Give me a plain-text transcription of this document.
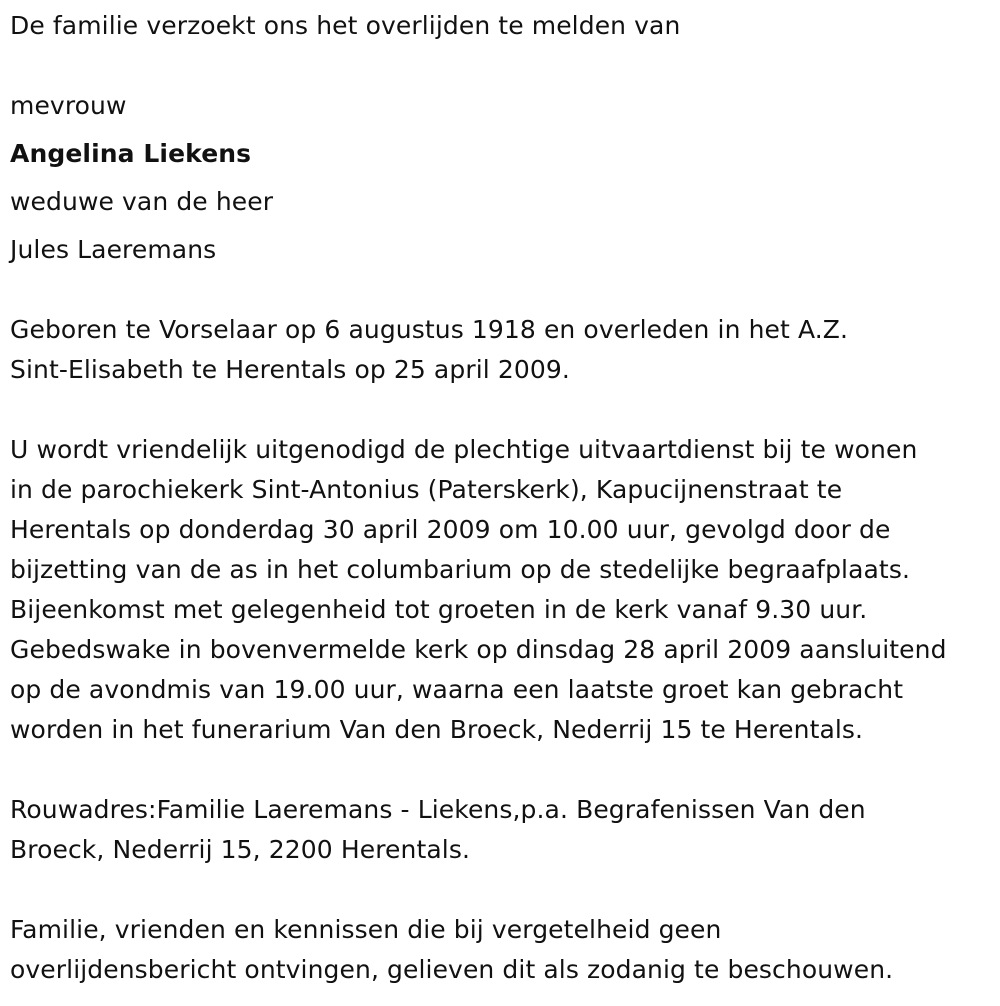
De familie verzoekt ons het overlijden te melden van
mevrouw
Angelina Liekens
weduwe van de heer
Jules Laeremans
Geboren te Vorselaar op 6 augustus 1918 en overleden in het A.Z.
Sint-Elisabeth te Herentals op 25 april 2009.
U wordt vriendelijk uitgenodigd de plechtige uitvaartdienst bij te wonen
in de parochiekerk Sint-Antonius (Paterskerk), Kapucijnenstraat te
Herentals op donderdag 30 april 2009 om 10.00 uur, gevolgd door de
bijzetting van de as in het columbarium op de stedelijke begraafplaats.
Bijeenkomst met gelegenheid tot groeten in de kerk vanaf 9.30 uur.
Gebedswake in bovenvermelde kerk op dinsdag 28 april 2009 aansluitend
op de avondmis van 19.00 uur, waarna een laatste groet kan gebracht
worden in het funerarium Van den Broeck, Nederrij 15 te Herentals.
Rouwadres:Familie Laeremans - Liekens,p.a. Begrafenissen Van den
Broeck, Nederrij 15, 2200 Herentals.
Familie, vrienden en kennissen die bij vergetelheid geen
overlijdensbericht ontvingen, gelieven dit als zodanig te beschouwen.
